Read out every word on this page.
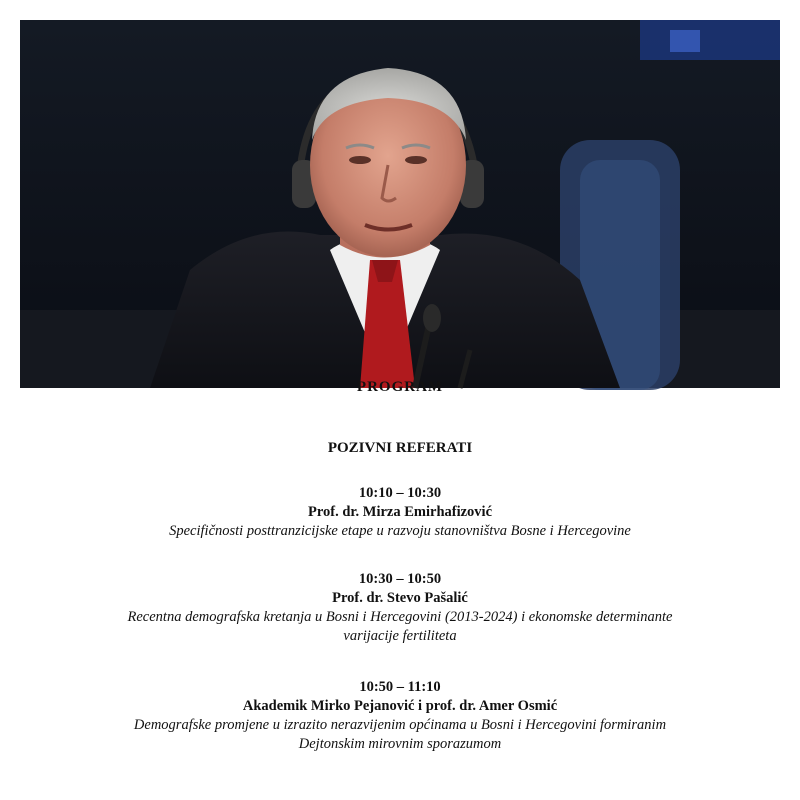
PROGRAM
POZIVNI REFERATI
10:10 – 10:30
Prof. dr. Mirza Emirhafizović
Specifičnosti posttranzicijske etape u razvoju stanovništva Bosne i Hercegovine
10:30 – 10:50
Prof. dr. Stevo Pašalić
Recentna demografska kretanja u Bosni i Hercegovini (2013-2024) i ekonomske determinante
varijacije fertiliteta
10:50 – 11:10
Akademik Mirko Pejanović i prof. dr. Amer Osmić
Demografske promjene u izrazito nerazvijenim općinama u Bosni i Hercegovini formiranim
Dejtonskim mirovnim sporazumom
